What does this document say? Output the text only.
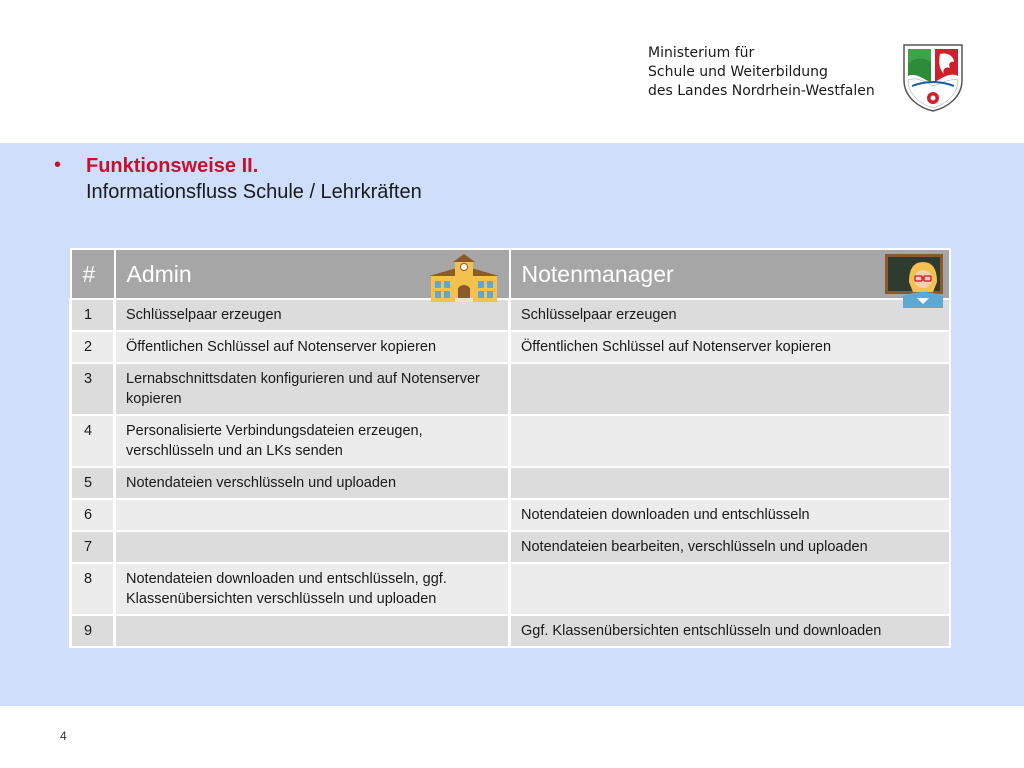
Ministerium für
Schule und Weiterbildung
des Landes Nordrhein-Westfalen
• Funktionsweise II.
Informationsfluss Schule / Lehrkräften
#	Admin	Notenmanager

1	Schlüsselpaar erzeugen	Schlüsselpaar erzeugen
2	Öffentlichen Schlüssel auf Notenserver kopieren	Öffentlichen Schlüssel auf Notenserver kopieren
3	Lernabschnittsdaten konfigurieren und auf Notenserver kopieren	
4	Personalisierte Verbindungsdateien erzeugen, verschlüsseln und an LKs senden	
5	Notendateien verschlüsseln und uploaden	
6		Notendateien downloaden und entschlüsseln
7		Notendateien bearbeiten, verschlüsseln und uploaden
8	Notendateien downloaden und entschlüsseln, ggf. Klassenübersichten verschlüsseln und uploaden	
9		Ggf. Klassenübersichten entschlüsseln und downloaden
4
